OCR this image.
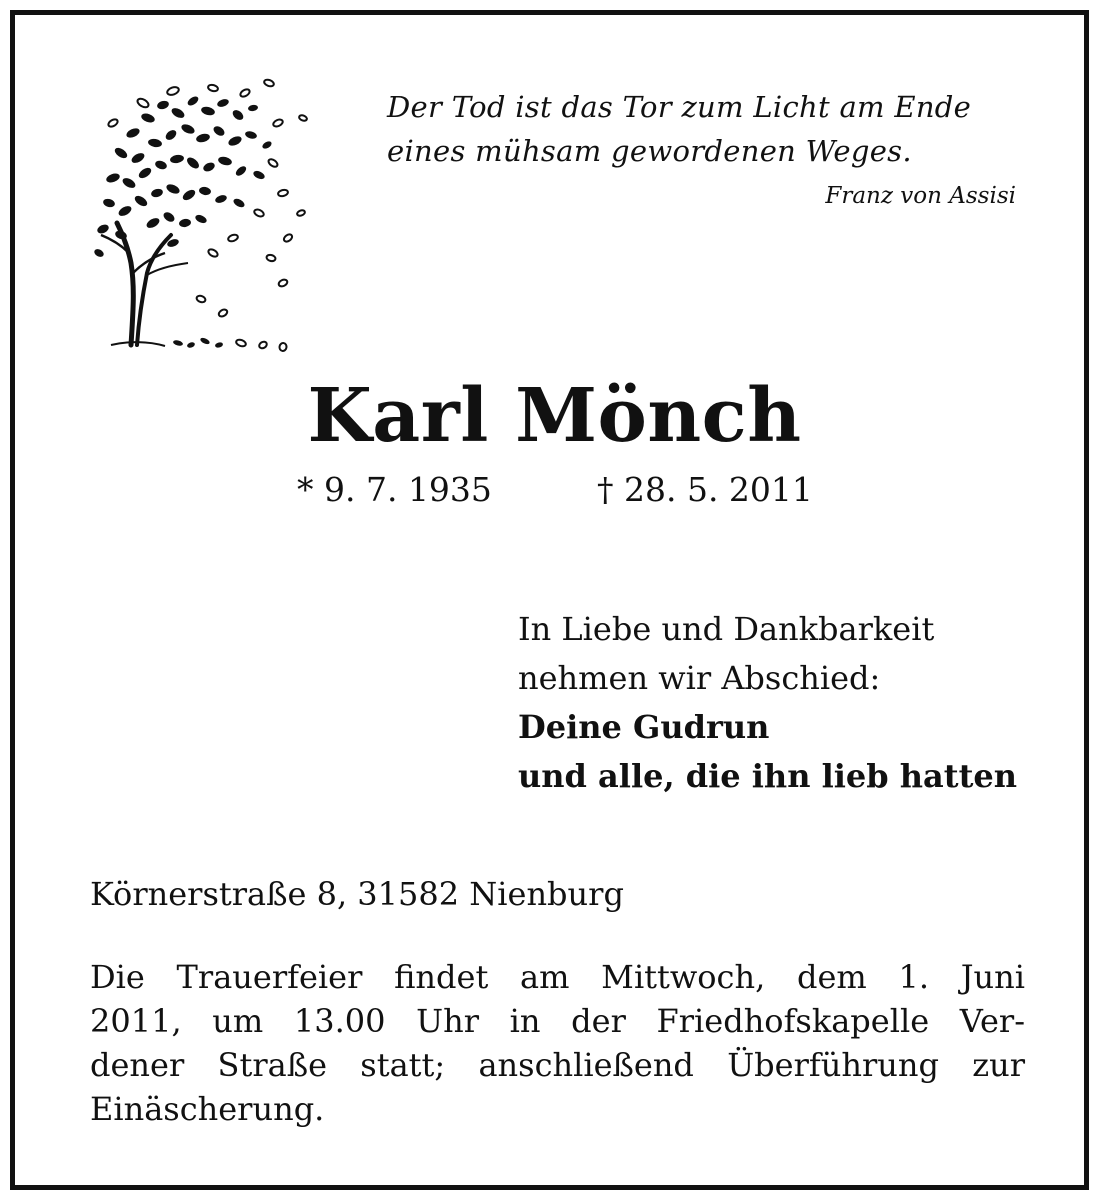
Der Tod ist das Tor zum Licht am Ende
eines mühsam gewordenen Weges.
Franz von Assisi
Karl Mönch
* 9. 7. 1935	† 28. 5. 2011
In Liebe und Dankbarkeit
nehmen wir Abschied:
Deine Gudrun
und alle, die ihn lieb hatten
Körnerstraße 8, 31582 Nienburg
Die Trauerfeier findet am Mittwoch, dem 1. Juni
2011, um 13.00 Uhr in der Friedhofskapelle Ver-
dener Straße statt; anschließend Überführung zur
Einäscherung.
